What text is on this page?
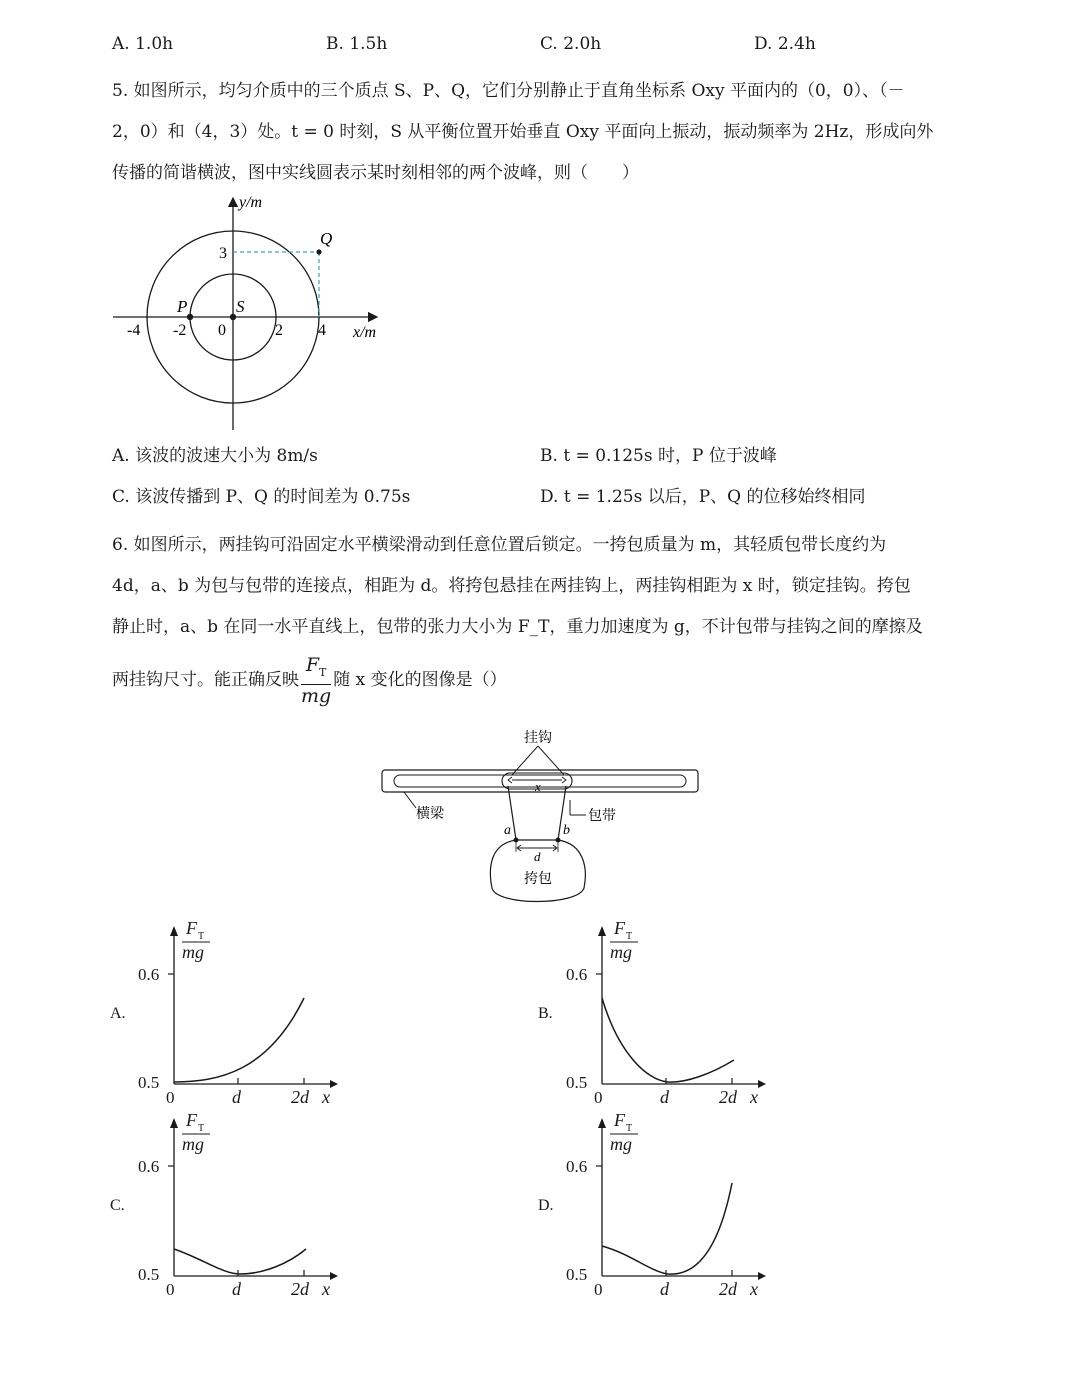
A. 1.0h	B. 1.5h	C. 2.0h	D. 2.4h
5. 如图所示，均匀介质中的三个质点 S、P、Q，它们分别静止于直角坐标系 Oxy 平面内的（0，0）、（－
2，0）和（4，3）处。t = 0 时刻，S 从平衡位置开始垂直 Oxy 平面向上振动，振动频率为 2Hz，形成向外
传播的简谐横波，图中实线圆表示某时刻相邻的两个波峰，则（　　）
y/m
x/m
3
Q
P	S
-4 -2 0	2 4
A. 该波的波速大小为 8m/s	B. t = 0.125s 时，P 位于波峰
C. 该波传播到 P、Q 的时间差为 0.75s	D. t = 1.25s 以后，P、Q 的位移始终相同
6. 如图所示，两挂钩可沿固定水平横梁滑动到任意位置后锁定。一挎包质量为 m，其轻质包带长度约为
4d，a、b 为包与包带的连接点，相距为 d。将挎包悬挂在两挂钩上，两挂钩相距为 x 时，锁定挂钩。挎包
静止时，a、b 在同一水平直线上，包带的张力大小为 F_T，重力加速度为 g，不计包带与挂钩之间的摩擦及
两挂钩尺寸。能正确反映 $\frac{F_T}{mg}$ 随 x 变化的图像是（）
挂钩
x
横梁	包带
a	b
d
挎包
A.
0.6
0.5
0	d	2d x
F T
mg
B.
0.6
0.5
0	d	2d x
F T
mg
C.
0.6
0.5
0	d	2d x
F T
mg
D.
0.6
0.5
0	d	2d x
F T
mg
